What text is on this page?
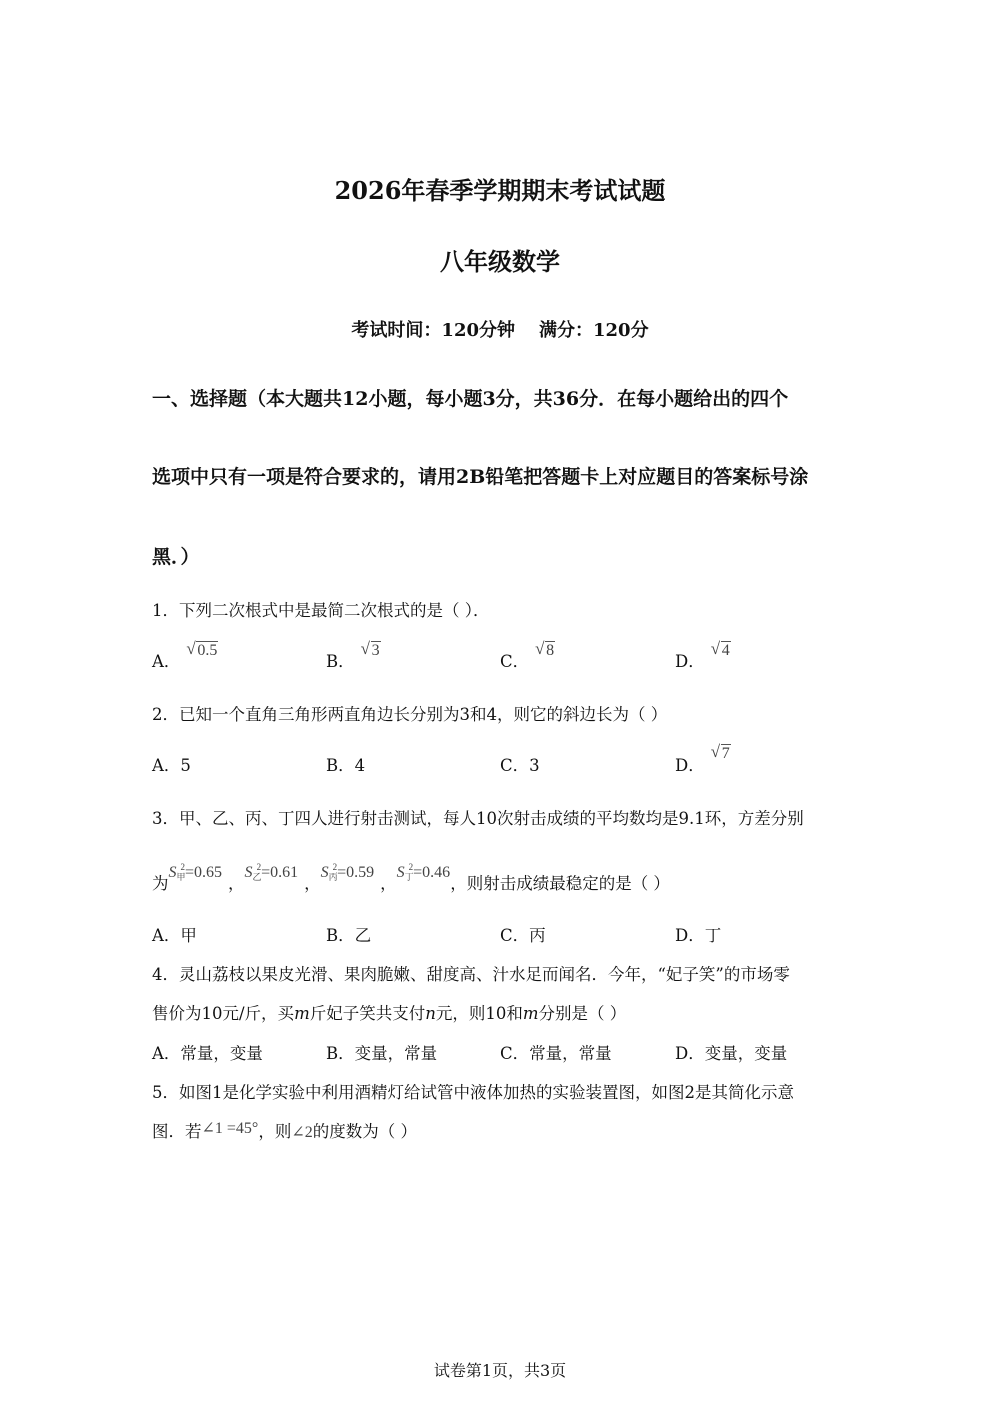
2026年春季学期期末考试试题
八年级数学
考试时间：120分钟 满分：120分
一、选择题（本大题共12小题，每小题3分，共36分．在每小题给出的四个
选项中只有一项是符合要求的，请用2B铅笔把答题卡上对应题目的答案标号涂
黑．）
1．下列二次根式中是最简二次根式的是（ ）．
A．
√ 0.5
B．
√ 3
C．
√ 8
D．
√ 4
2．已知一个直角三角形两直角边长分别为3和4，则它的斜边长为（ ）
A．5	B．4	C．3	D．
√ 7
3．甲、乙、丙、丁四人进行射击测试，每人10次射击成绩的平均数均是9.1环，方差分别
为$S_甲^2=0.65$，$S_乙^2=0.61$，$S_丙^2=0.59$，$S_丁^2=0.46$，则射击成绩最稳定的是（ ）
A．甲	B．乙	C．丙	D．丁
4．灵山荔枝以果皮光滑、果肉脆嫩、甜度高、汁水足而闻名．今年，“妃子笑”的市场零
售价为10元/斤，买m斤妃子笑共支付n元，则10和m分别是（ ）
A．常量，变量	B．变量，常量	C．常量，常量	D．变量，变量
5．如图1是化学实验中利用酒精灯给试管中液体加热的实验装置图，如图2是其简化示意
图．若∠1 =45°，则∠2的度数为（ ）
试卷第1页，共3页
